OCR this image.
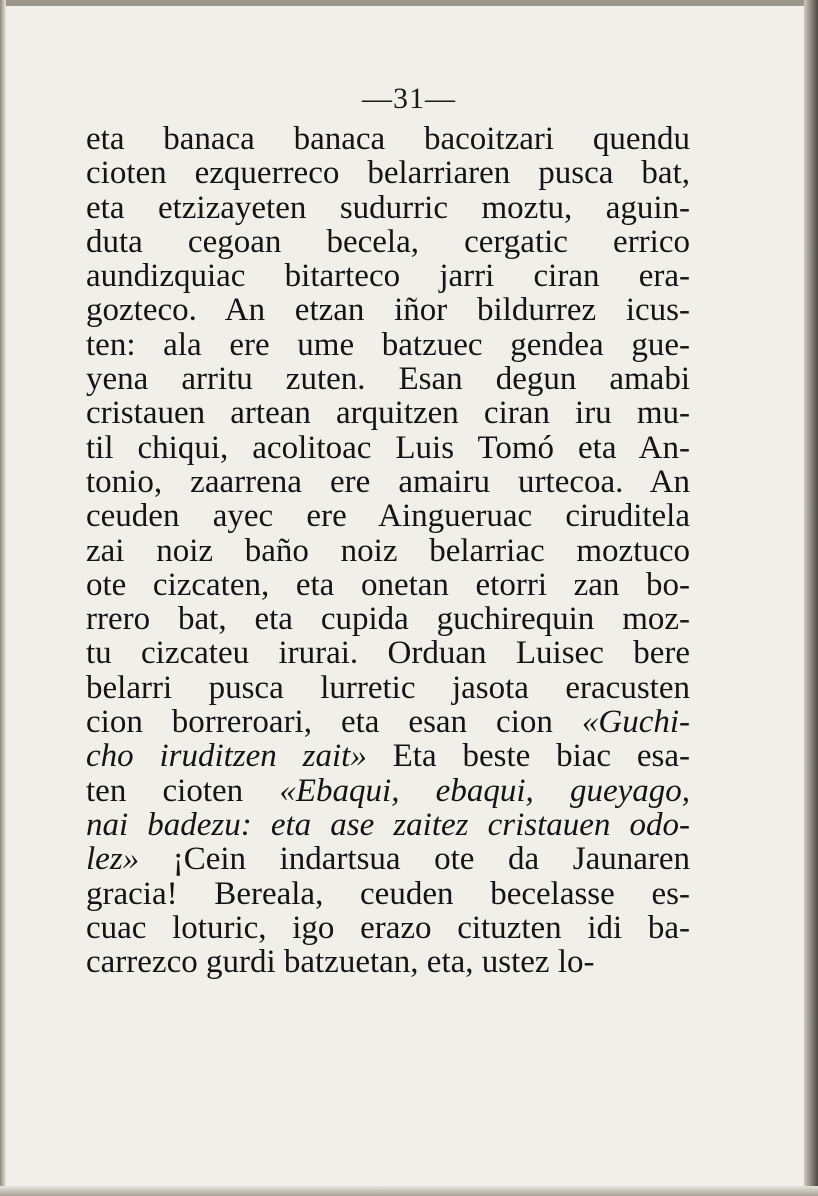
—31—
eta banaca banaca bacoitzari quendu
cioten ezquerreco belarriaren pusca bat,
eta etzizayeten sudurric moztu, aguin-
duta cegoan becela, cergatic errico
aundizquiac bitarteco jarri ciran era-
gozteco. An etzan iñor bildurrez icus-
ten: ala ere ume batzuec gendea gue-
yena arritu zuten. Esan degun amabi
cristauen artean arquitzen ciran iru mu-
til chiqui, acolitoac Luis Tomó eta An-
tonio, zaarrena ere amairu urtecoa. An
ceuden ayec ere Aingueruac ciruditela
zai noiz baño noiz belarriac moztuco
ote cizcaten, eta onetan etorri zan bo-
rrero bat, eta cupida guchirequin moz-
tu cizcateu irurai. Orduan Luisec bere
belarri pusca lurretic jasota eracusten
cion borreroari, eta esan cion «Guchi-
cho iruditzen zait» Eta beste biac esa-
ten cioten «Ebaqui, ebaqui, gueyago,
nai badezu: eta ase zaitez cristauen odo-
lez» ¡Cein indartsua ote da Jaunaren
gracia! Bereala, ceuden becelasse es-
cuac loturic, igo erazo cituzten idi ba-
carrezco gurdi batzuetan, eta, ustez lo-
